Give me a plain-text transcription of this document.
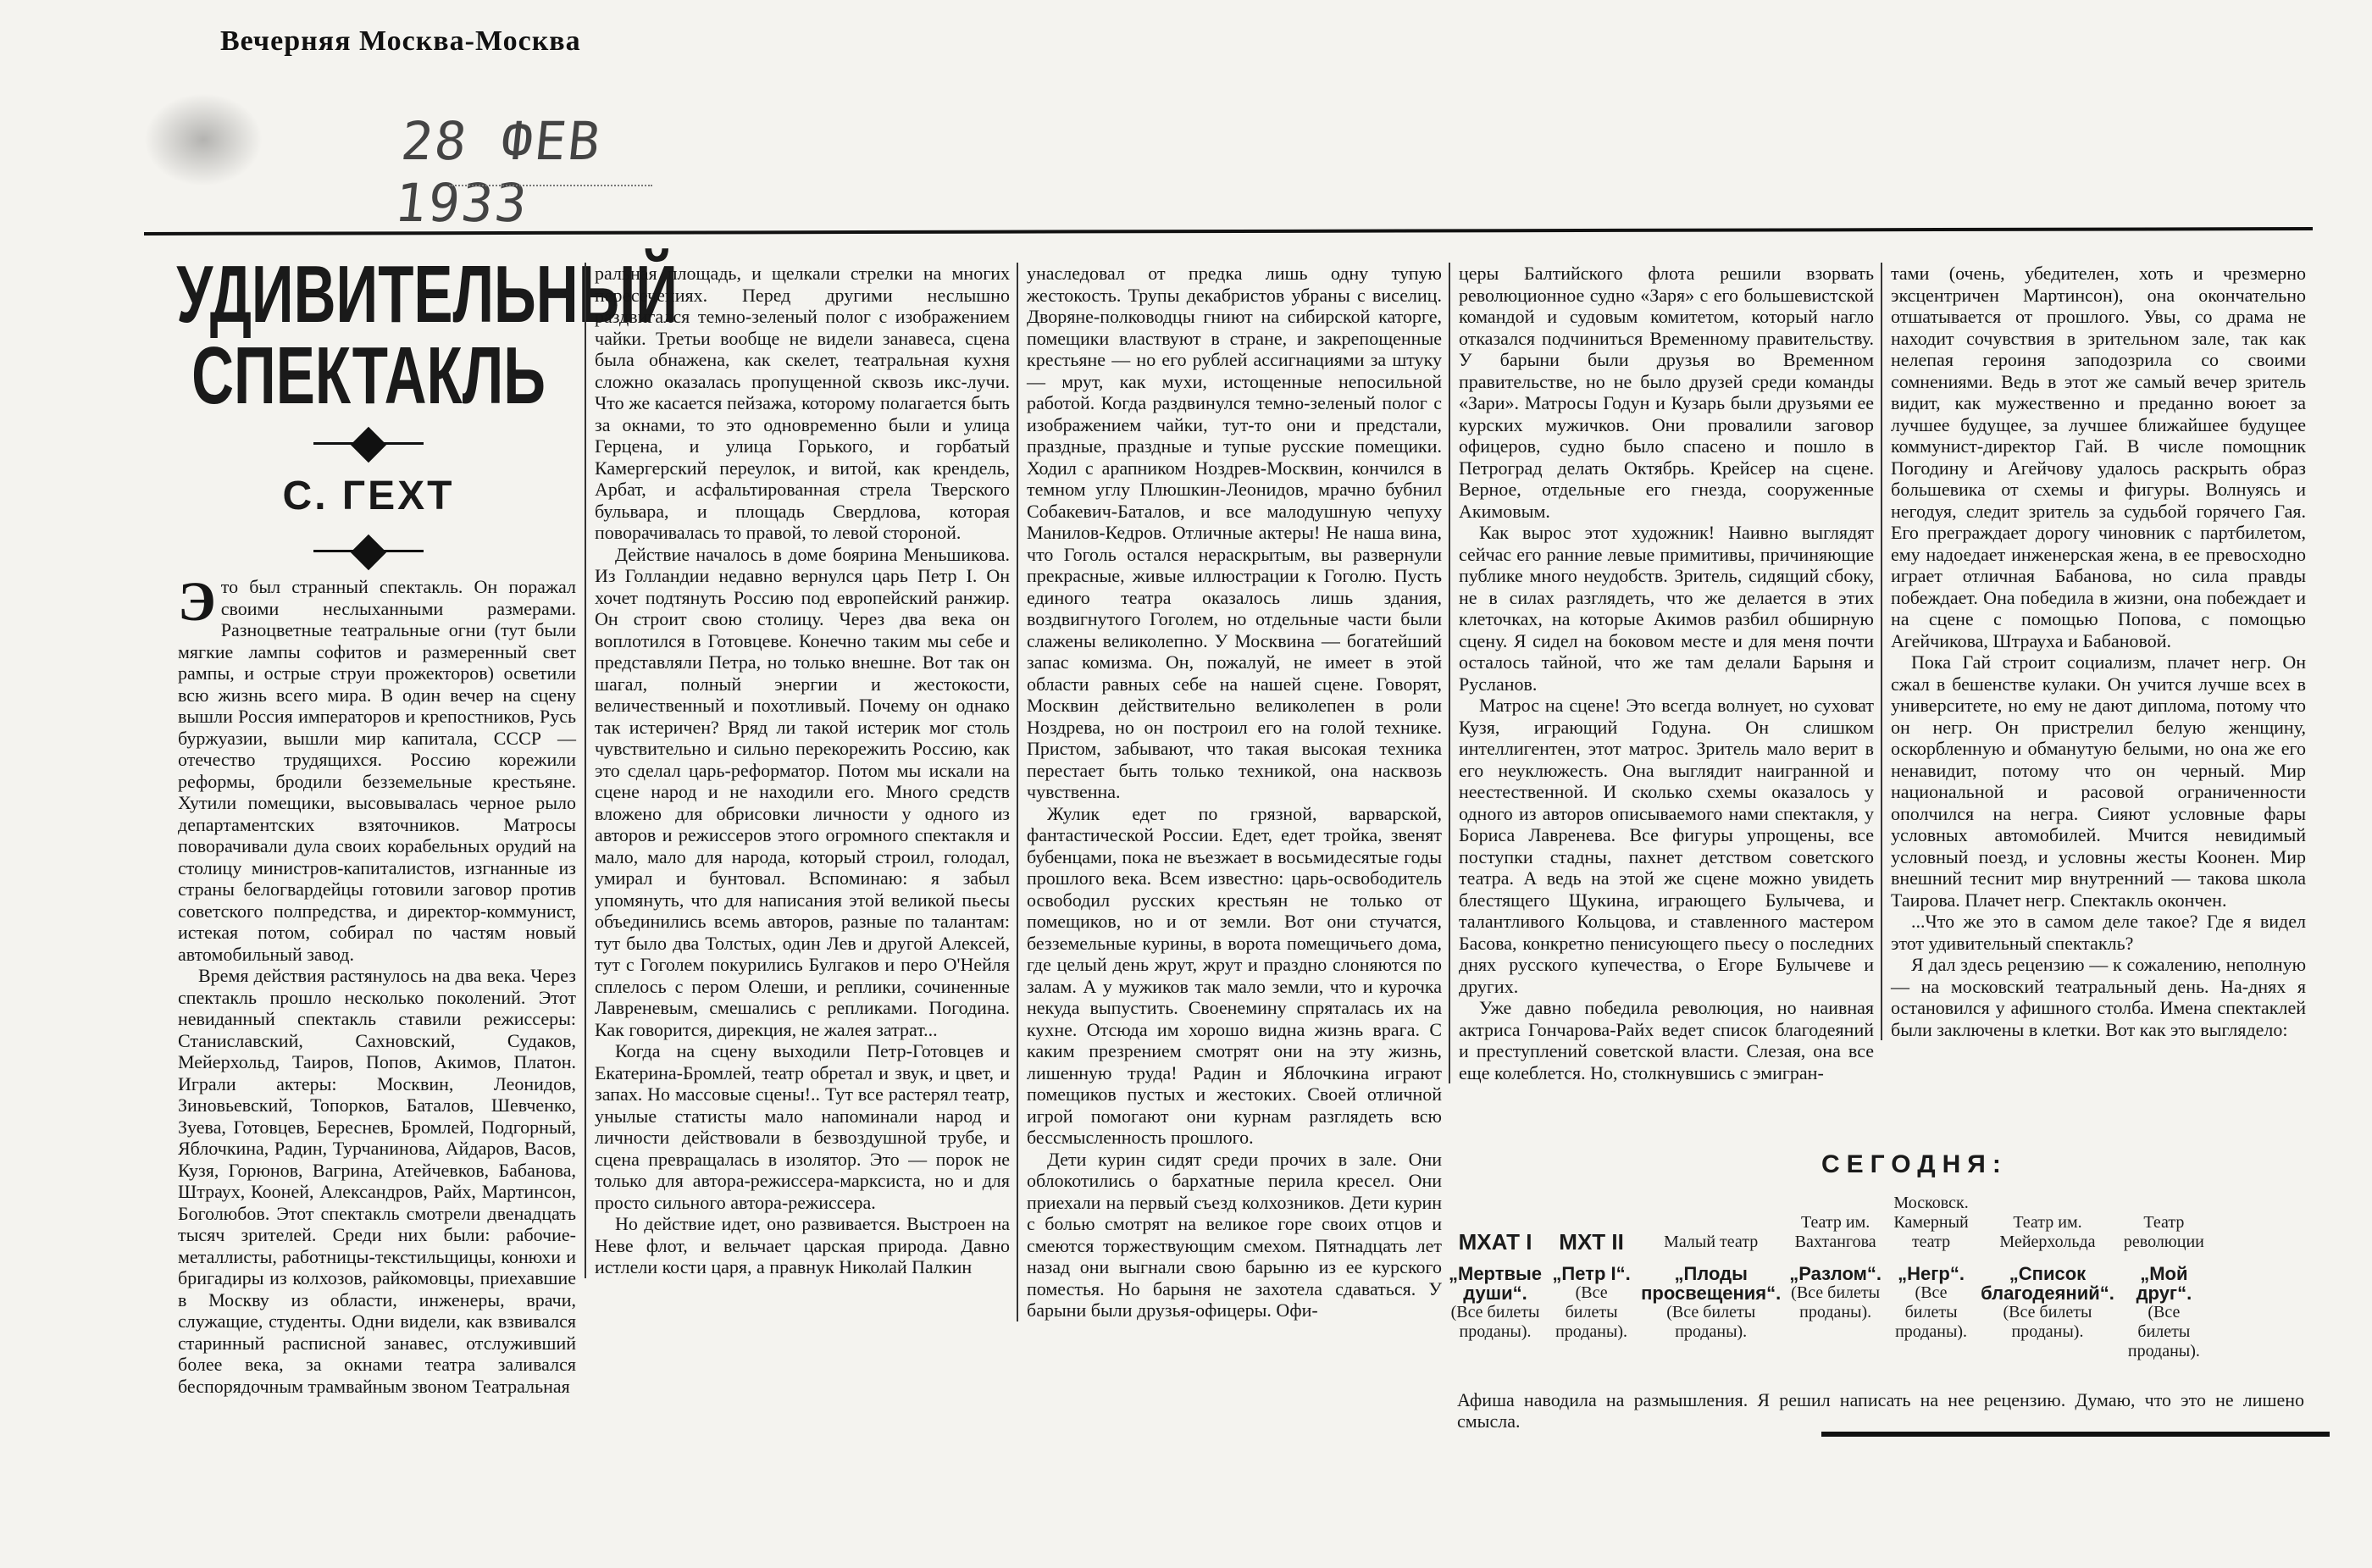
Вечерняя Москва-Москва
28 ФЕВ 1933
УДИВИТЕЛЬНЫЙ
СПЕКТАКЛЬ
С. ГЕХТ

Это был странный спектакль. Он поражал своими неслыханными размерами. Разноцветные театральные огни (тут были мягкие лампы софитов и размеренный свет рампы, и острые струи прожекторов) осветили всю жизнь всего мира. В один вечер на сцену вышли Россия императоров и крепостников, Русь буржуазии, вышли мир капитала, СССР — отечество трудящихся. Россию корежили реформы, бродили безземельные крестьяне. Хутили помещики, высовывалась черное рыло департаментских взяточников. Матросы поворачивали дула своих корабельных орудий на столицу министров-капиталистов, изгнанные из страны белогвардейцы готовили заговор против советского полпредства, и директор-коммунист, истекая потом, собирал по частям новый автомобильный завод.

Время действия растянулось на два века. Через спектакль прошло несколько поколений. Этот невиданный спектакль ставили режиссеры: Станиславский, Сахновский, Судаков, Мейерхольд, Таиров, Попов, Акимов, Платон. Играли актеры: Москвин, Леонидов, Зиновьевский, Топорков, Баталов, Шевченко, Зуева, Готовцев, Береснев, Бромлей, Подгорный, Яблочкина, Радин, Турчанинова, Айдаров, Васов, Кузя, Горюнов, Вагрина, Атейчевков, Бабанова, Штраух, Кооней, Александров, Райх, Мартинсон, Боголюбов. Этот спектакль смотрели двенадцать тысяч зрителей. Среди них были: рабочие-металлисты, работницы-текстильщицы, конюхи и бригадиры из колхозов, райкомовцы, приехавшие в Москву из области, инженеры, врачи, служащие, студенты. Одни видели, как взвивался старинный расписной занавес, отслуживший более века, за окнами театра заливался беспорядочным трамвайным звоном Театральная

ральная площадь, и щелкали стрелки на многих пересечениях. Перед другими неслышно раздвигался темно-зеленый полог с изображением чайки. Третьи вообще не видели занавеса, сцена была обнажена, как скелет, театральная кухня сложно оказалась пропущенной сквозь икс-лучи. Что же касается пейзажа, которому полагается быть за окнами, то это одновременно были и улица Герцена, и улица Горького, и горбатый Камергерский переулок, и витой, как крендель, Арбат, и асфальтированная стрела Тверского бульвара, и площадь Свердлова, которая поворачивалась то правой, то левой стороной.

Действие началось в доме боярина Меньшикова. Из Голландии недавно вернулся царь Петр I. Он хочет подтянуть Россию под европейский ранжир. Он строит свою столицу. Через два века он воплотился в Готовцеве. Конечно таким мы себе и представляли Петра, но только внешне. Вот так он шагал, полный энергии и жестокости, величественный и похотливый. Почему он однако так истеричен? Вряд ли такой истерик мог столь чувствительно и сильно перекорежить Россию, как это сделал царь-реформатор. Потом мы искали на сцене народ и не находили его. Много средств вложено для обрисовки личности у одного из авторов и режиссеров этого огромного спектакля и мало, мало для народа, который строил, голодал, умирал и бунтовал. Вспоминаю: я забыл упомянуть, что для написания этой великой пьесы объединились всемь авторов, разные по талантам: тут было два Толстых, один Лев и другой Алексей, тут с Гоголем покурились Булгаков и перо О'Нейля сплелось с пером Олеши, и реплики, сочиненные Лавреневым, смешались с репликами. Погодина. Как говорится, дирекция, не жалея затрат...

Когда на сцену выходили Петр-Готовцев и Екатерина-Бромлей, театр обретал и звук, и цвет, и запах. Но массовые сцены!.. Тут все растерял театр, унылые статисты мало напоминали народ и личности действовали в безвоздушной трубе, и сцена превращалась в изолятор. Это — порок не только для автора-режиссера-марксиста, но и для просто сильного автора-режиссера.

Но действие идет, оно развивается. Выстроен на Неве флот, и вельчает царская природа. Давно истлели кости царя, а правнук Николай Палкин

унаследовал от предка лишь одну тупую жестокость. Трупы декабристов убраны с виселиц. Дворяне-полководцы гниют на сибирской каторге, помещики властвуют в стране, и закрепощенные крестьяне — но его рублей ассигнациями за штуку — мрут, как мухи, истощенные непосильной работой. Когда раздвинулся темно-зеленый полог с изображением чайки, тут-то они и предстали, праздные, праздные и тупые русские помещики. Ходил с арапником Ноздрев-Москвин, кончился в темном углу Плюшкин-Леонидов, мрачно бубнил Собакевич-Баталов, и все малодушную чепуху Манилов-Кедров. Отличные актеры! Не наша вина, что Гоголь остался нераскрытым, вы развернули прекрасные, живые иллюстрации к Гоголю. Пусть единого театра оказалось лишь здания, воздвигнутого Гоголем, но отдельные части были слажены великолепно. У Москвина — богатейший запас комизма. Он, пожалуй, не имеет в этой области равных себе на нашей сцене. Говорят, Москвин действительно великолепен в роли Ноздрева, но он построил его на голой технике. Пристом, забывают, что такая высокая техника перестает быть только техникой, она насквозь чувственна.

Жулик едет по грязной, варварской, фантастической России. Едет, едет тройка, звенят бубенцами, пока не въезжает в восьмидесятые годы прошлого века. Всем известно: царь-освободитель освободил русских крестьян не только от помещиков, но и от земли. Вот они стучатся, безземельные курины, в ворота помещичьего дома, где целый день жрут, жрут и праздно слоняются по залам. А у мужиков так мало земли, что и курочка некуда выпустить. Своенемину спряталась их на кухне. Отсюда им хорошо видна жизнь врага. С каким презрением смотрят они на эту жизнь, лишенную труда! Радин и Яблочкина играют помещиков пустых и жестоких. Своей отличной игрой помогают они курнам разглядеть всю бессмысленность прошлого.

Дети курин сидят среди прочих в зале. Они облокотились о бархатные перила кресел. Они приехали на первый съезд колхозников. Дети курин с болью смотрят на великое горе своих отцов и смеются торжествующим смехом. Пятнадцать лет назад они выгнали свою барыню из ее курского поместья. Но барыня не захотела сдаваться. У барыни были друзья-офицеры. Офи-

церы Балтийского флота решили взорвать революционное судно «Заря» с его большевистской командой и судовым комитетом, который нагло отказался подчиниться Временному правительству. У барыни были друзья во Временном правительстве, но не было друзей среди команды «Зари». Матросы Годун и Кузарь были друзьями ее курских мужичков. Они провалили заговор офицеров, судно было спасено и пошло в Петроград делать Октябрь. Крейсер на сцене. Верное, отдельные его гнезда, сооруженные Акимовым.

Как вырос этот художник! Наивно выглядят сейчас его ранние левые примитивы, причиняющие публике много неудобств. Зритель, сидящий сбоку, не в силах разглядеть, что же делается в этих клеточках, на которые Акимов разбил обширную сцену. Я сидел на боковом месте и для меня почти осталось тайной, что же там делали Барыня и Русланов.

Матрос на сцене! Это всегда волнует, но суховат Кузя, играющий Годуна. Он слишком интеллигентен, этот матрос. Зритель мало верит в его неуклюжесть. Она выглядит наигранной и неестественной. И сколько схемы оказалось у одного из авторов описываемого нами спектакля, у Бориса Лавренева. Все фигуры упрощены, все поступки стадны, пахнет детством советского театра. А ведь на этой же сцене можно увидеть блестящего Щукина, играющего Булычева, и талантливого Кольцова, и ставленного мастером Басова, конкретно пенисующего пьесу о последних днях русского купечества, о Егоре Булычеве и других.

Уже давно победила революция, но наивная актриса Гончарова-Райх ведет список благодеяний и преступлений советской власти. Слезая, она все еще колеблется. Но, столкнувшись с эмигран-

тами (очень, убедителен, хоть и чрезмерно эксцентричен Мартинсон), она окончательно отшатывается от прошлого. Увы, со драма не находит сочувствия в зрительном зале, так как нелепая героиня заподозрила со своими сомнениями. Ведь в этот же самый вечер зритель видит, как мужественно и преданно воюет за лучшее будущее, за лучшее ближайшее будущее коммунист-директор Гай. В числе помощник Погодину и Агейчову удалось раскрыть образ большевика от схемы и фигуры. Волнуясь и негодуя, следит зритель за судьбой горячего Гая. Его преграждает дорогу чиновник с партбилетом, ему надоедает инженерская жена, в ее превосходно играет отличная Бабанова, но сила правды побеждает. Она победила в жизни, она побеждает и на сцене с помощью Попова, с помощью Агейчикова, Штрауха и Бабановой.

Пока Гай строит социализм, плачет негр. Он сжал в бешенстве кулаки. Он учится лучше всех в университете, но ему не дают диплома, потому что он негр. Он пристрелил белую женщину, оскорбленную и обманутую белыми, но она же его ненавидит, потому что он черный. Мир национальной и расовой ограниченности ополчился на негра. Сияют условные фары условных автомобилей. Мчится невидимый условный поезд, и условны жесты Коонен. Мир внешний теснит мир внутренний — такова школа Таирова. Плачет негр. Спектакль окончен.

...Что же это в самом деле такое? Где я видел этот удивительный спектакль?

Я дал здесь рецензию — к сожалению, неполную — на московский театральный день. На-днях я остановился у афишного столба. Имена спектаклей были заключены в клетки. Вот как это выглядело:

СЕГОДНЯ:
МХАТ I
„Мертвые души“.
(Все билеты проданы).
МХТ II
„Петр I“.
(Все билеты проданы).
Малый театр
„Плоды просвещения“.
(Все билеты проданы).
Театр им. Вахтангова
„Разлом“.
(Все билеты проданы).
Московск. Камерный театр
„Негр“.
(Все билеты проданы).
Театр им. Мейерхольда
„Список благодеяний“.
(Все билеты проданы).
Театр революции
„Мой друг“.
(Все билеты проданы).
Афиша наводила на размышления. Я решил написать на нее рецензию. Думаю, что это не лишено смысла.
